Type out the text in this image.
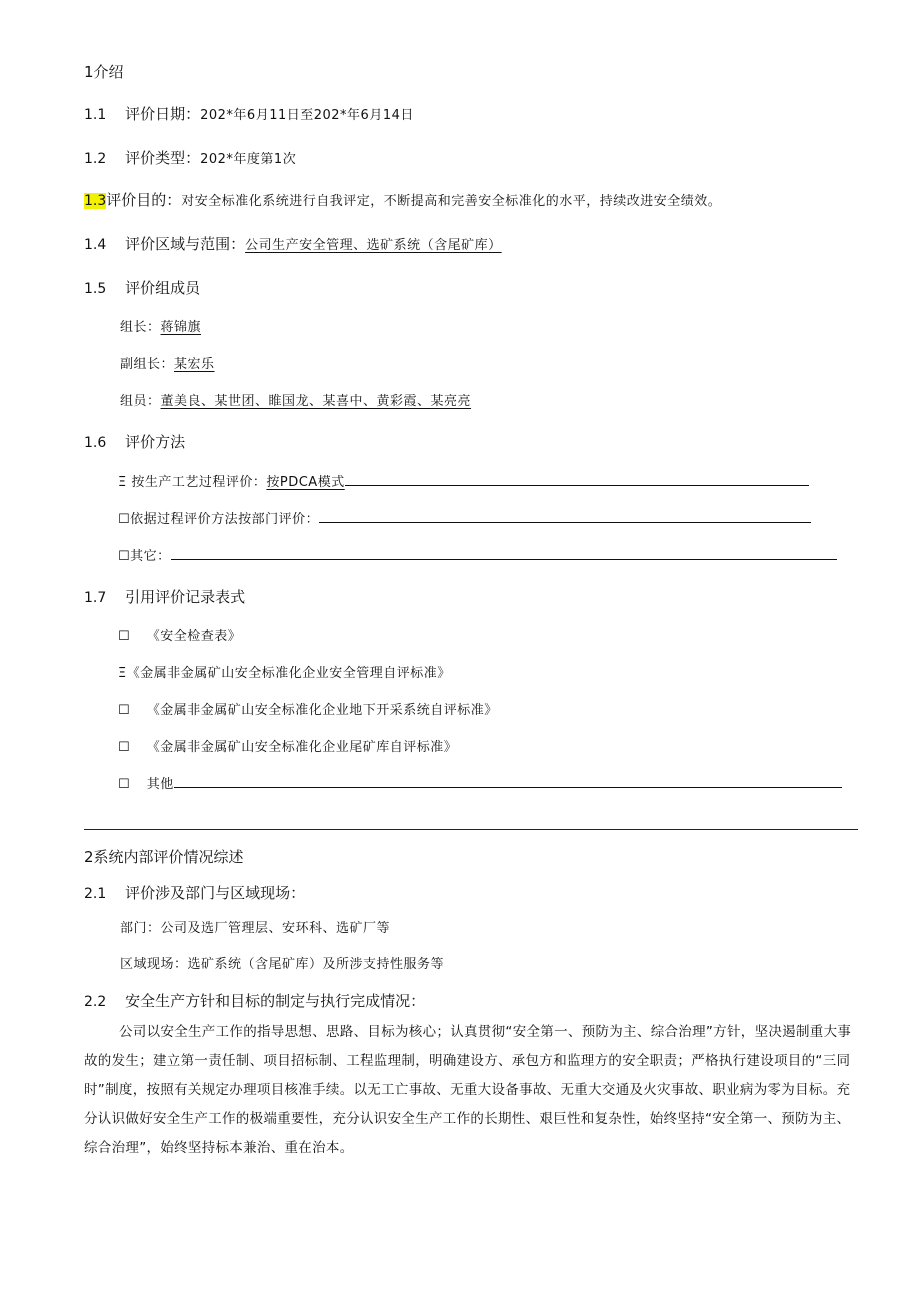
1介绍
1.1 评价日期：202*年6月11日至202*年6月14日
1.2 评价类型：202*年度第1次
1.3评价目的：对安全标准化系统进行自我评定，不断提高和完善安全标准化的水平，持续改进安全绩效。
1.4 评价区域与范围：公司生产安全管理、选矿系统（含尾矿库）
1.5 评价组成员
组长：蒋锦旗
副组长：某宏乐
组员：董美良、某世团、睢国龙、某喜中、黄彩霞、某亮亮
1.6 评价方法
Ξ 按生产工艺过程评价：按PDCA模式
☐依据过程评价方法按部门评价：
☐其它：
1.7 引用评价记录表式
☐ 《安全检查表》
Ξ《金属非金属矿山安全标准化企业安全管理自评标准》
☐ 《金属非金属矿山安全标准化企业地下开采系统自评标准》
☐ 《金属非金属矿山安全标准化企业尾矿库自评标准》
☐ 其他
2系统内部评价情况综述
2.1 评价涉及部门与区域现场：
部门：公司及选厂管理层、安环科、选矿厂等
区域现场：选矿系统（含尾矿库）及所涉支持性服务等
2.2 安全生产方针和目标的制定与执行完成情况：
公司以安全生产工作的指导思想、思路、目标为核心；认真贯彻“安全第一、预防为主、综合治理”方针，坚决遏制重大事故的发生；建立第一责任制、项目招标制、工程监理制，明确建设方、承包方和监理方的安全职责；严格执行建设项目的“三同时”制度，按照有关规定办理项目核准手续。以无工亡事故、无重大设备事故、无重大交通及火灾事故、职业病为零为目标。充分认识做好安全生产工作的极端重要性，充分认识安全生产工作的长期性、艰巨性和复杂性，始终坚持“安全第一、预防为主、综合治理”，始终坚持标本兼治、重在治本。
